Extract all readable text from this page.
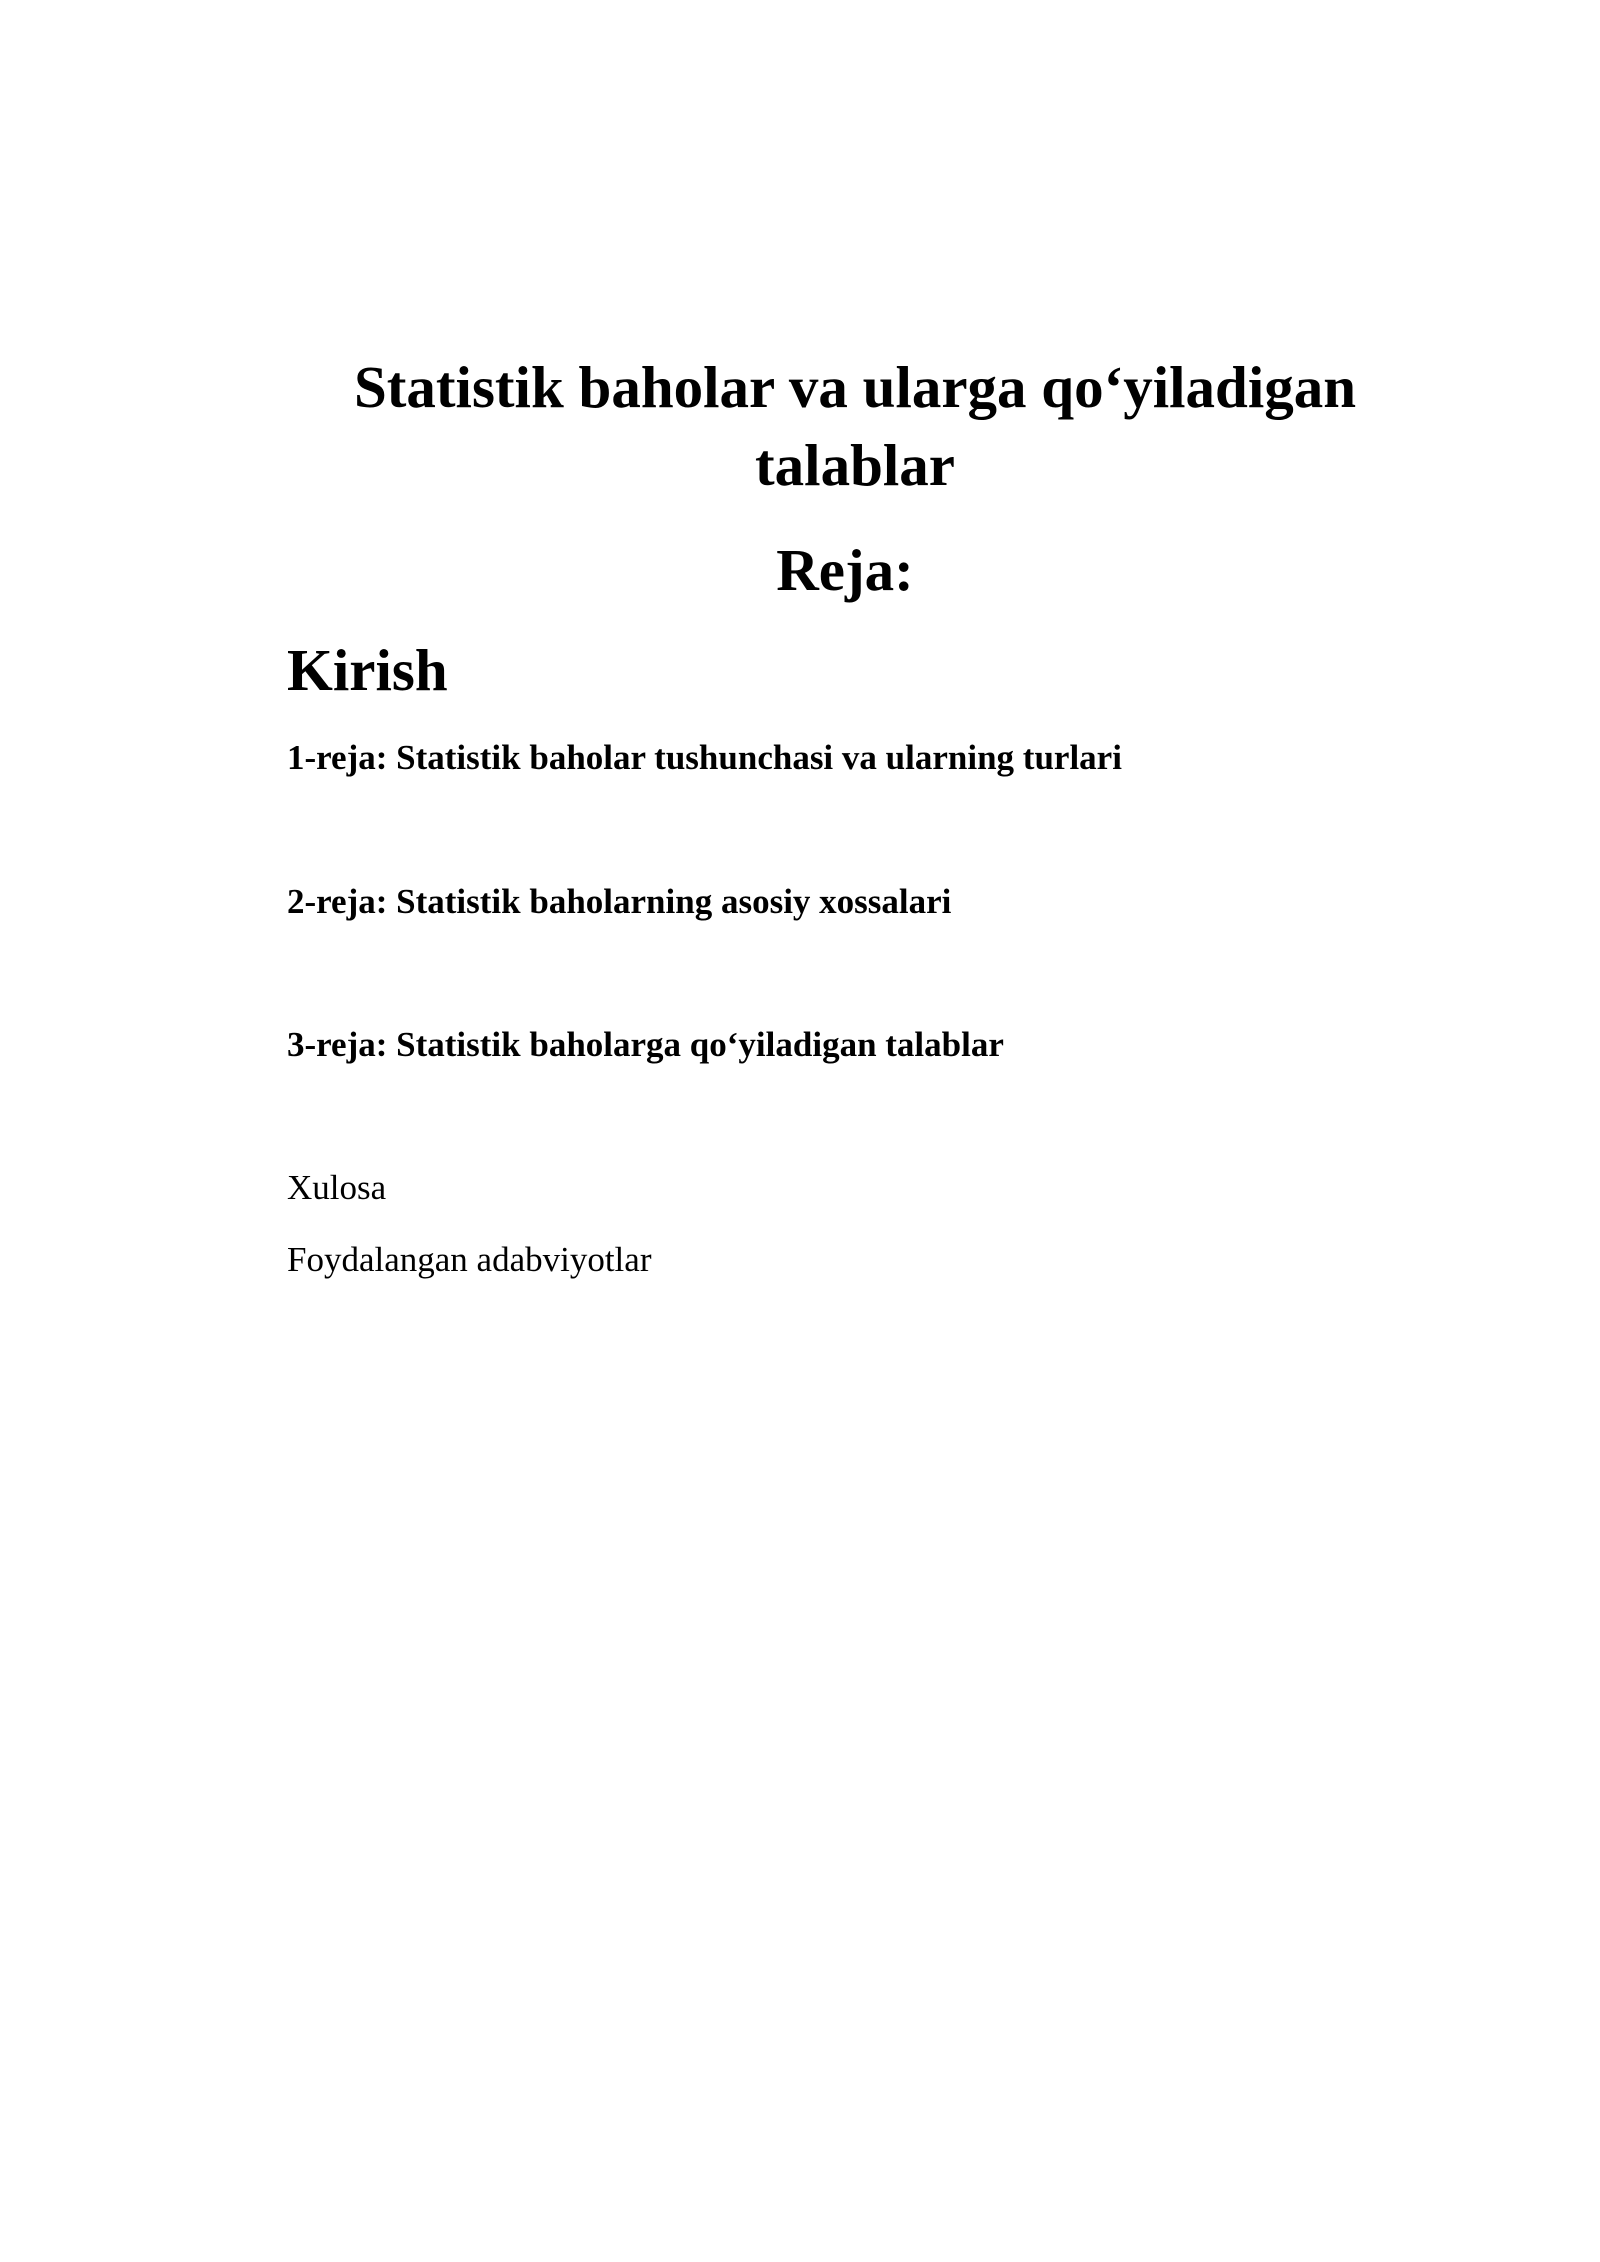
Statistik baholar va ularga qo‘yiladigan talablar
Reja:
Kirish

1-reja: Statistik baholar tushunchasi va ularning turlari

2-reja: Statistik baholarning asosiy xossalari

3-reja: Statistik baholarga qo‘yiladigan talablar

Xulosa

Foydalangan adabviyotlar
